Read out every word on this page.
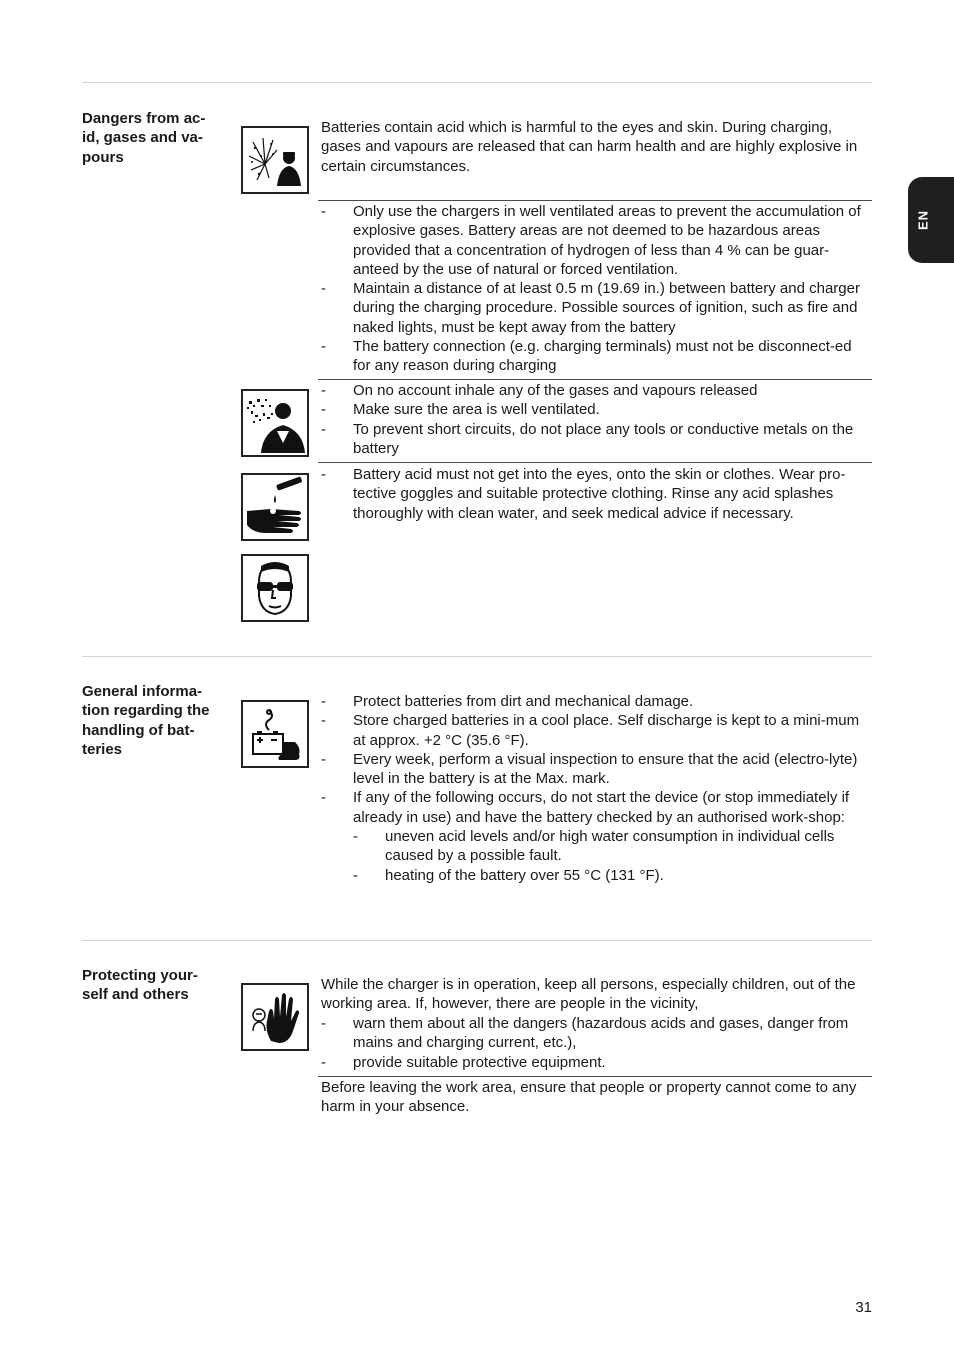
EN
Dangers from ac-
id, gases and va-
pours
Batteries contain acid which is harmful to the eyes and skin. During charging, gases and vapours are released that can harm health and are highly explosive in certain circumstances.
-	Only use the chargers in well ventilated areas to prevent the accumulation of explosive gases. Battery areas are not deemed to be hazardous areas provided that a concentration of hydrogen of less than 4 % can be guar-anteed by the use of natural or forced ventilation.
-	Maintain a distance of at least 0.5 m (19.69 in.) between battery and charger during the charging procedure. Possible sources of ignition, such as fire and naked lights, must be kept away from the battery
-	The battery connection (e.g. charging terminals) must not be disconnect-ed for any reason during charging
-	On no account inhale any of the gases and vapours released
-	Make sure the area is well ventilated.
-	To prevent short circuits, do not place any tools or conductive metals on the battery
-	Battery acid must not get into the eyes, onto the skin or clothes. Wear pro-tective goggles and suitable protective clothing. Rinse any acid splashes thoroughly with clean water, and seek medical advice if necessary.
General informa-
tion regarding the
handling of bat-
teries
-	Protect batteries from dirt and mechanical damage.
-	Store charged batteries in a cool place. Self discharge is kept to a mini-mum at approx. +2 °C (35.6 °F).
-	Every week, perform a visual inspection to ensure that the acid (electro-lyte) level in the battery is at the Max. mark.
-	If any of the following occurs, do not start the device (or stop immediately if already in use) and have the battery checked by an authorised work-shop:
-	uneven acid levels and/or high water consumption in individual cells caused by a possible fault.
-	heating of the battery over 55 °C (131 °F).
Protecting your-
self and others
While the charger is in operation, keep all persons, especially children, out of the working area. If, however, there are people in the vicinity,
-	warn them about all the dangers (hazardous acids and gases, danger from mains and charging current, etc.),
-	provide suitable protective equipment.
Before leaving the work area, ensure that people or property cannot come to any harm in your absence.
31
